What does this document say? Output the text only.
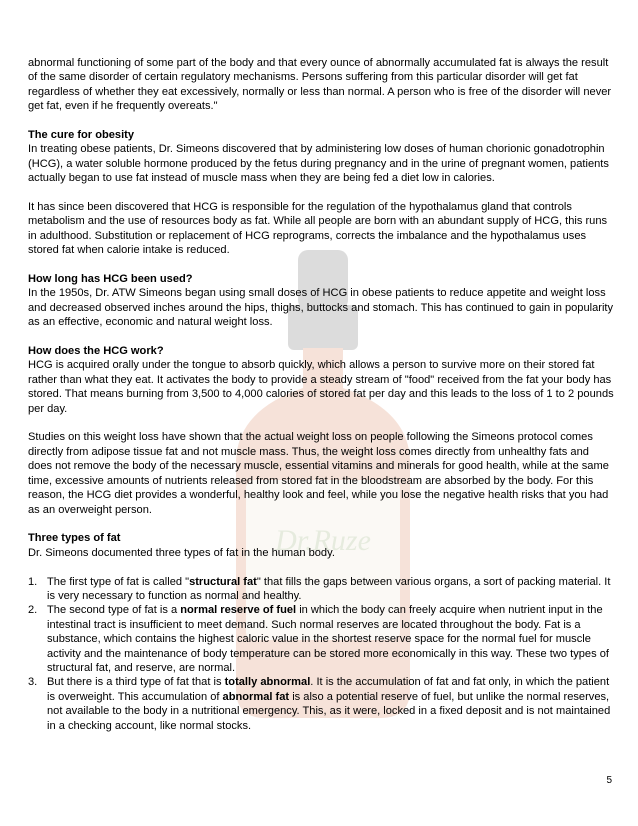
Dr.Ruze

abnormal functioning of some part of the body and that every ounce of abnormally accumulated fat is always the result of the same disorder of certain regulatory mechanisms. Persons suffering from this particular disorder will get fat regardless of whether they eat excessively, normally or less than normal. A person who is free of the disorder will never get fat, even if he frequently overeats."

The cure for obesity

In treating obese patients, Dr. Simeons discovered that by administering low doses of human chorionic gonadotrophin (HCG), a water soluble hormone produced by the fetus during pregnancy and in the urine of pregnant women, patients actually began to use fat instead of muscle mass when they are being fed a diet low in calories.

It has since been discovered that HCG is responsible for the regulation of the hypothalamus gland that controls metabolism and the use of resources body as fat. While all people are born with an abundant supply of HCG, this runs in adulthood. Substitution or replacement of HCG reprograms, corrects the imbalance and the hypothalamus uses stored fat when calorie intake is reduced.

How long has HCG been used?

In the 1950s, Dr. ATW Simeons began using small doses of HCG in obese patients to reduce appetite and weight loss and decreased observed inches around the hips, thighs, buttocks and stomach. This has continued to gain in popularity as an effective, economic and natural weight loss.

How does the HCG work?

HCG is acquired orally under the tongue to absorb quickly, which allows a person to survive more on their stored fat rather than what they eat. It activates the body to provide a steady stream of "food" received from the fat your body has stored. That means burning from 3,500 to 4,000 calories of stored fat per day and this leads to the loss of 1 to 2 pounds per day.

Studies on this weight loss have shown that the actual weight loss on people following the Simeons protocol comes directly from adipose tissue fat and not muscle mass. Thus, the weight loss comes directly from unhealthy fats and does not remove the body of the necessary muscle, essential vitamins and minerals for good health, while at the same time, excessive amounts of nutrients released from stored fat in the bloodstream are absorbed by the body. For this reason, the HCG diet provides a wonderful, healthy look and feel, while you lose the negative health risks that you had as an overweight person.

Three types of fat

Dr. Simeons documented three types of fat in the human body.

1. The first type of fat is called "structural fat" that fills the gaps between various organs, a sort of packing material. It is very necessary to function as normal and healthy.
2. The second type of fat is a normal reserve of fuel in which the body can freely acquire when nutrient input in the intestinal tract is insufficient to meet demand. Such normal reserves are located throughout the body. Fat is a substance, which contains the highest caloric value in the shortest reserve space for the normal fuel for muscle activity and the maintenance of body temperature can be stored more economically in this way. These two types of structural fat, and reserve, are normal.
3. But there is a third type of fat that is totally abnormal. It is the accumulation of fat and fat only, in which the patient is overweight. This accumulation of abnormal fat is also a potential reserve of fuel, but unlike the normal reserves, not available to the body in a nutritional emergency. This, as it were, locked in a fixed deposit and is not maintained in a checking account, like normal stocks.
5
